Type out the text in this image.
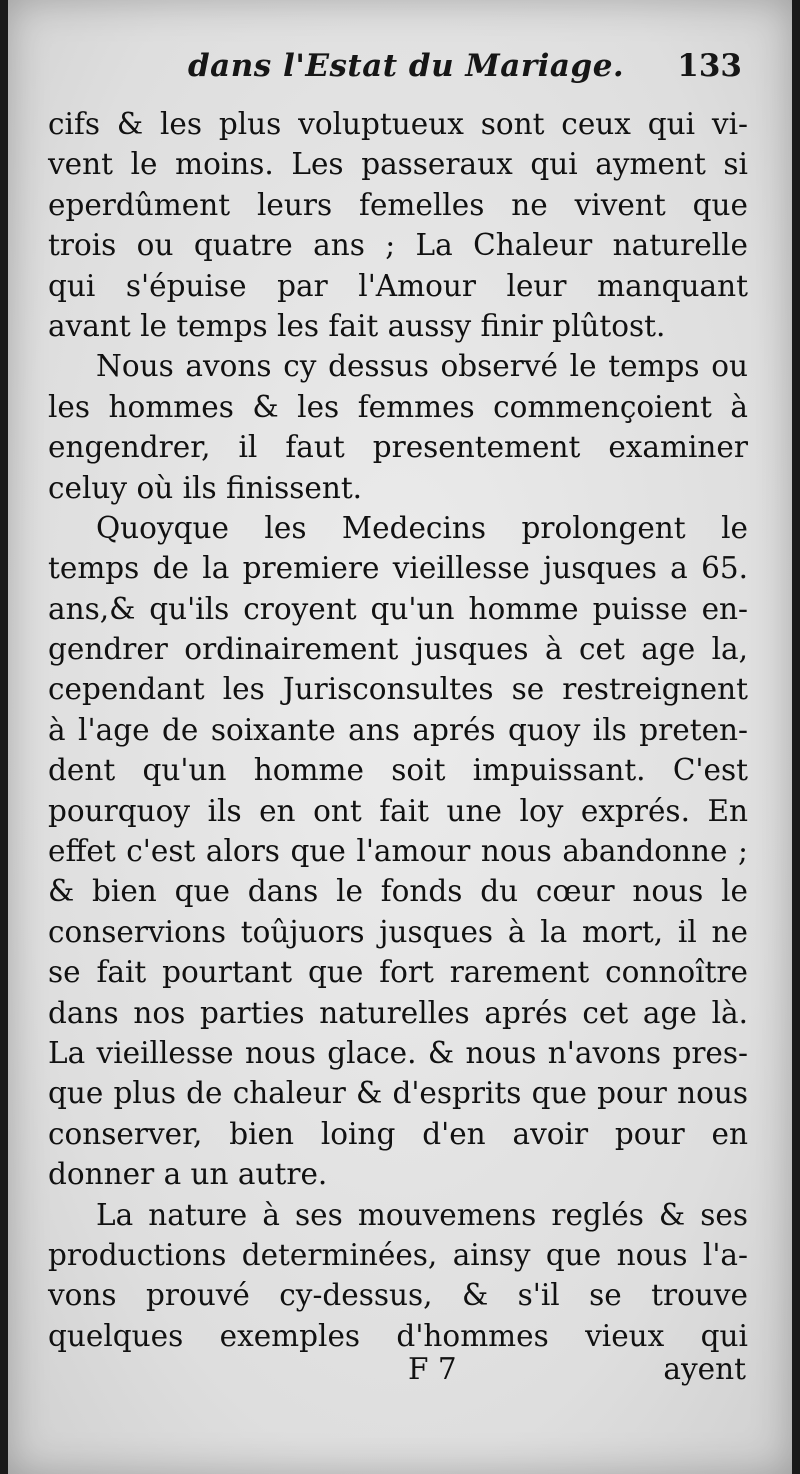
dans l'Estat du Mariage. 133
cifs & les plus voluptueux sont ceux qui vi-
vent le moins. Les passeraux qui ayment si
eperdûment leurs femelles ne vivent que
trois ou quatre ans ; La Chaleur naturelle
qui s'épuise par l'Amour leur manquant
avant le temps les fait aussy finir plûtost.
Nous avons cy dessus observé le temps ou
les hommes & les femmes commençoient à
engendrer, il faut presentement examiner
celuy où ils finissent.
Quoyque les Medecins prolongent le
temps de la premiere vieillesse jusques a 65.
ans,& qu'ils croyent qu'un homme puisse en-
gendrer ordinairement jusques à cet age la,
cependant les Jurisconsultes se restreignent
à l'age de soixante ans aprés quoy ils preten-
dent qu'un homme soit impuissant. C'est
pourquoy ils en ont fait une loy exprés. En
effet c'est alors que l'amour nous abandonne ;
& bien que dans le fonds du cœur nous le
conservions toûjuors jusques à la mort, il ne
se fait pourtant que fort rarement connoître
dans nos parties naturelles aprés cet age là.
La vieillesse nous glace. & nous n'avons pres-
que plus de chaleur & d'esprits que pour nous
conserver, bien loing d'en avoir pour en
donner a un autre.
La nature à ses mouvemens reglés & ses
productions determinées, ainsy que nous l'a-
vons prouvé cy-dessus, & s'il se trouve
quelques exemples d'hommes vieux qui
F 7	ayent
